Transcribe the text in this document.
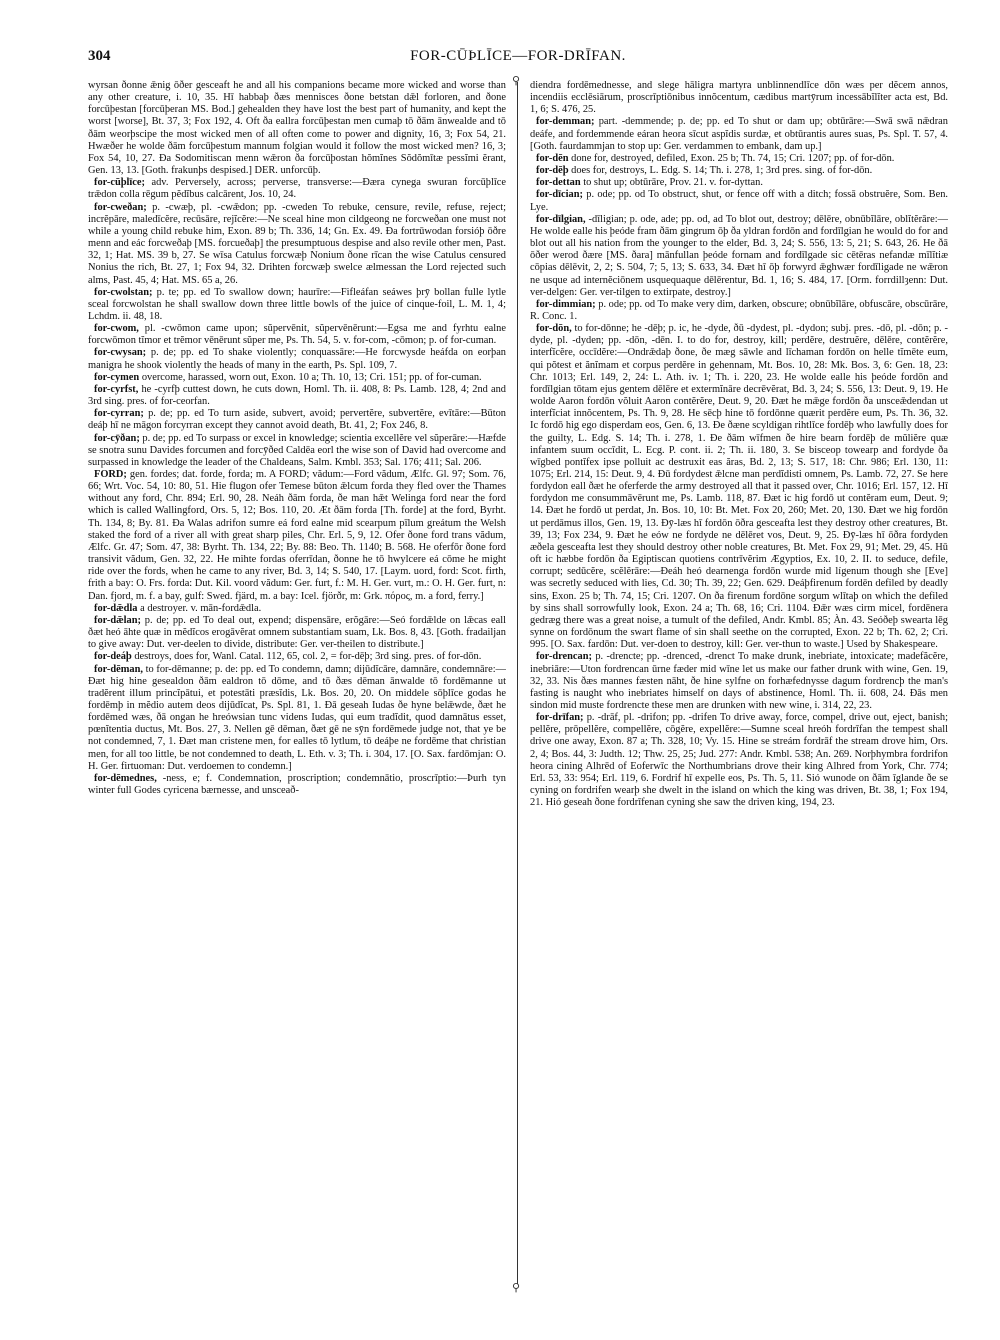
304	FOR-CŪÞLĪCE—FOR-DRĪFAN.
⚲
⚲

wyrsan ðonne ǣnig ōðer gesceaft he and all his companions became more wicked and worse than any other creature, i. 10, 35. Hī habbaþ ðæs mennisces ðone betstan dǣl forloren, and ðone forcūþestan [forcūþeran MS. Bod.] gehealden they have lost the best part of humanity, and kept the worst [worse], Bt. 37, 3; Fox 192, 4. Oft ða eallra forcūþestan men cumaþ tō ðām ānwealde and tō ðām weorþscipe the most wicked men of all often come to power and dignity, 16, 3; Fox 54, 21. Hwæðer he wolde ðām forcūþestum mannum folgian would it follow the most wicked men? 16, 3; Fox 54, 10, 27. Ða Sodomitiscan menn wǣron ða forcūþostan hŏmĭnes Sŏdŏmītæ pessĭmi ĕrant, Gen. 13, 13. [Goth. frakunþs despised.] DER. unforcūþ.

for-cūþlīce; adv. Perversely, across; perverse, transverse:—Ðæra cynega swuran forcūþlīce trǣdon colla rēgum pĕdĭbus calcārent, Jos. 10, 24.

for-cweðan; p. -cwæþ, pl. -cwǣdon; pp. -cweden To rebuke, censure, revile, refuse, reject; incrĕpāre, maledīcĕre, recūsāre, rejĭcĕre:—Ne sceal hine mon cildgeong ne forcweðan one must not while a young child rebuke him, Exon. 89 b; Th. 336, 14; Gn. Ex. 49. Ða fortrūwodan forsióþ ōðre menn and eác forcweðaþ [MS. forcueðaþ] the presumptuous despise and also revile other men, Past. 32, 1; Hat. MS. 39 b, 27. Se wīsa Catulus forcwæþ Nonium ðone rīcan the wise Catulus censured Nonius the rich, Bt. 27, 1; Fox 94, 32. Drihten forcwæþ swelce ælmessan the Lord rejected such alms, Past. 45, 4; Hat. MS. 65 a, 26.

for-cwolstan; p. te; pp. ed To swallow down; haurīre:—Fifleáfan seáwes þrȳ bollan fulle lytle sceal forcwolstan he shall swallow down three little bowls of the juice of cinque-foil, L. M. 1, 4; Lchdm. ii. 48, 18.

for-cwom, pl. -cwōmon came upon; sŭpervēnit, sŭpervēnērunt:—Egsa me and fyrhtu ealne forcwōmon tĭmor et trĕmor vēnērunt sŭper me, Ps. Th. 54, 5. v. for-com, -cōmon; p. of for-cuman.

for-cwysan; p. de; pp. ed To shake violently; conquassāre:—He forcwysde heáfda on eorþan manigra he shook violently the heads of many in the earth, Ps. Spl. 109, 7.

for-cymen overcome, harassed, worn out, Exon. 10 a; Th. 10, 13; Cri. 151; pp. of for-cuman.

for-cyrfst, he -cyrfþ cuttest down, he cuts down, Homl. Th. ii. 408, 8: Ps. Lamb. 128, 4; 2nd and 3rd sing. pres. of for-ceorfan.

for-cyrran; p. de; pp. ed To turn aside, subvert, avoid; pervertĕre, subvertĕre, evītāre:—Būton deáþ hī ne māgon forcyrran except they cannot avoid death, Bt. 41, 2; Fox 246, 8.

for-cȳðan; p. de; pp. ed To surpass or excel in knowledge; scientia excellĕre vel sŭperāre:—Hæfde se snotra sunu Davides forcumen and forcȳðed Caldēa eorl the wise son of David had overcome and surpassed in knowledge the leader of the Chaldeans, Salm. Kmbl. 353; Sal. 176; 411; Sal. 206.

FORD; gen. fordes; dat. forde, forda; m. A FORD; vădum:—Ford vădum, Ælfc. Gl. 97; Som. 76, 66; Wrt. Voc. 54, 10: 80, 51. Hie flugon ofer Temese būton ǣlcum forda they fled over the Thames without any ford, Chr. 894; Erl. 90, 28. Neáh ðām forda, ðe man hǣt Welinga ford near the ford which is called Wallingford, Ors. 5, 12; Bos. 110, 20. Æt ðām forda [Th. forde] at the ford, Byrht. Th. 134, 8; By. 81. Ða Walas adrifon sumre eá ford ealne mid scearpum pīlum greátum the Welsh staked the ford of a river all with great sharp piles, Chr. Erl. 5, 9, 12. Ofer ðone ford trans vădum, Ælfc. Gr. 47; Som. 47, 38: Byrht. Th. 134, 22; By. 88: Beo. Th. 1140; B. 568. He oferfōr ðone ford transivit vădum, Gen. 32, 22. He mihte fordas oferrīdan, ðonne he tō hwylcere eá cōme he might ride over the fords, when he came to any river, Bd. 3, 14; S. 540, 17. [Laym. uord, ford: Scot. firth, frith a bay: O. Frs. forda: Dut. Kil. voord vădum: Ger. furt, f.: M. H. Ger. vurt, m.: O. H. Ger. furt, n: Dan. fjord, m. f. a bay, gulf: Swed. fjärd, m. a bay: Icel. fjörðr, m: Grk. πόρος, m. a ford, ferry.]

for-dǣdla a destroyer. v. mān-fordǣdla.

for-dǣlan; p. de; pp. ed To deal out, expend; dispensāre, erŏgāre:—Seó fordǣlde on lǣcas eall ðæt heó āhte quæ in mĕdĭcos erogāvĕrat omnem substantiam suam, Lk. Bos. 8, 43. [Goth. fradailjan to give away: Dut. ver-deelen to divide, distribute: Ger. ver-theilen to distribute.]

for-deáþ destroys, does for, Wanl. Catal. 112, 65, col. 2, = for-dēþ; 3rd sing. pres. of for-dōn.

for-dēman, to for-dēmanne; p. de: pp. ed To condemn, damn; dijūdĭcāre, damnāre, condemnāre:—Ðæt hig hine gesealdon ðām ealdron tō dōme, and tō ðæs dēman ānwalde tō fordēmanne ut tradĕrent illum princĭpātui, et potestāti præsĭdis, Lk. Bos. 20, 20. On middele sōþlīce godas he fordēmþ in mĕdio autem deos dijūdĭcat, Ps. Spl. 81, 1. Ðā geseah Iudas ðe hyne belǣwde, ðæt he fordēmed wæs, ðā ongan he hreówsian tunc videns Iudas, qui eum tradĭdit, quod damnātus esset, pœnĭtentia ductus, Mt. Bos. 27, 3. Nellen gē dēman, ðæt gē ne sȳn fordēmede judge not, that ye be not condemned, 7, 1. Ðæt man cristene men, for ealles tō lytlum, tō deáþe ne fordēme that christian men, for all too little, be not condemned to death, L. Eth. v. 3; Th. i. 304, 17. [O. Sax. fardōmjan: O. H. Ger. firtuoman: Dut. verdoemen to condemn.]

for-dēmednes, -ness, e; f. Condemnation, proscription; condemnātio, proscrīptio:—Þurh tyn winter full Godes cyricena bærnesse, and unsceað-

diendra fordēmednesse, and slege hāligra martyra unblinnendlīce dōn wæs per dĕcem annos, incendiis ecclēsiārum, proscrīptiōnibus innŏcentum, cædibus martȳrum incessābĭlĭter acta est, Bd. 1, 6; S. 476, 25.

for-demman; part. -demmende; p. de; pp. ed To shut or dam up; obtūrāre:—Swā swā nǣdran deáfe, and fordemmende eáran heora sīcut aspĭdis surdæ, et obtūrantis aures suas, Ps. Spl. T. 57, 4. [Goth. faurdammjan to stop up: Ger. verdammen to embank, dam up.]

for-dēn done for, destroyed, defiled, Exon. 25 b; Th. 74, 15; Cri. 1207; pp. of for-dōn.

for-dēþ does for, destroys, L. Edg. S. 14; Th. i. 278, 1; 3rd pres. sing. of for-dōn.

for-dettan to shut up; obtūrāre, Prov. 21. v. for-dyttan.

for-dīcian; p. ode; pp. od To obstruct, shut, or fence off with a ditch; fossā obstruĕre, Som. Ben. Lye.

for-dīlgian, -dīligian; p. ode, ade; pp. od, ad To blot out, destroy; dēlēre, obnūbĭlāre, oblĭtĕrāre:—He wolde ealle his þeóde fram ðām gingrum ōþ ða yldran fordōn and fordīlgian he would do for and blot out all his nation from the younger to the elder, Bd. 3, 24; S. 556, 13: 5, 21; S. 643, 26. He ðā ōðer werod ðære [MS. ðara] mānfullan þeóde fornam and fordīlgade sic cētēras nefandæ mīlĭtiæ cōpias dēlēvit, 2, 2; S. 504, 7; 5, 13; S. 633, 34. Ðæt hī ōþ forwyrd ǣghwær fordīligade ne wǣron ne usque ad internĕciōnem usquequaque dēlērentur, Bd. 1, 16; S. 484, 17. [Orm. forrdillȝenn: Dut. ver-delgen: Ger. ver-tilgen to extirpate, destroy.]

for-dimmian; p. ode; pp. od To make very dim, darken, obscure; obnūbĭlāre, obfuscāre, obscūrāre, R. Conc. 1.

for-dōn, to for-dōnne; he -dēþ; p. ic, he -dyde, ðū -dydest, pl. -dydon; subj. pres. -dō, pl. -dōn; p. -dyde, pl. -dyden; pp. -dōn, -dēn. I. to do for, destroy, kill; perdĕre, destruĕre, dēlēre, contĕrĕre, interfĭcĕre, occīdĕre:—Ondrǣdaþ ðone, ðe mæg sāwle and līchaman fordōn on helle tĭmēte eum, qui pŏtest et ănĭmam et corpus perdĕre in gehennam, Mt. Bos. 10, 28: Mk. Bos. 3, 6: Gen. 18, 23: Chr. 1013; Erl. 149, 2, 24: L. Ath. iv. 1; Th. i. 220, 23. He wolde ealle his þeóde fordōn and fordīlgian tōtam ejus gentem dēlēre et extermĭnāre decrēvĕrat, Bd. 3, 24; S. 556, 13: Deut. 9, 19. He wolde Aaron fordōn vŏluit Aaron contĕrĕre, Deut. 9, 20. Ðæt he mǣge fordōn ða unsceǣdendan ut interfĭciat innŏcentem, Ps. Th. 9, 28. He sēcþ hine tō fordōnne quærit perdĕre eum, Ps. Th. 36, 32. Ic fordō hig ego disperdam eos, Gen. 6, 13. Ðe ðæne scyldigan rihtlīce fordēþ who lawfully does for the guilty, L. Edg. S. 14; Th. i. 278, 1. Ðe ðām wīfmen ðe hire bearn fordēþ de mŭliĕre quæ infantem suum occīdit, L. Ecg. P. cont. ii. 2; Th. ii. 180, 3. Se bisceop towearp and fordyde ða wīgbed pontĭfex ipse polluit ac destruxit eas ăras, Bd. 2, 13; S. 517, 18: Chr. 986; Erl. 130, 11: 1075; Erl. 214, 15: Deut. 9, 4. Ðū fordydest ǣlcne man perdĭdisti omnem, Ps. Lamb. 72, 27. Se here fordydon eall ðæt he oferferde the army destroyed all that it passed over, Chr. 1016; Erl. 157, 12. Hī fordydon me consummāvērunt me, Ps. Lamb. 118, 87. Ðæt ic hig fordō ut contĕram eum, Deut. 9; 14. Ðæt he fordō ut perdat, Jn. Bos. 10, 10: Bt. Met. Fox 20, 260; Met. 20, 130. Ðæt we hig fordōn ut perdāmus illos, Gen. 19, 13. Ðȳ-læs hī fordōn ōðra gesceafta lest they destroy other creatures, Bt. 39, 13; Fox 234, 9. Ðæt he eów ne fordyde ne dēlēret vos, Deut. 9, 25. Ðȳ-læs hī ōðra fordyden æðela gesceafta lest they should destroy other noble creatures, Bt. Met. Fox 29, 91; Met. 29, 45. Hū oft ic hæbbe fordōn ða Egiptiscan quotiens contrīvĕrim Ægyptios, Ex. 10, 2. II. to seduce, defile, corrupt; sedūcĕre, scĕlĕrāre:—Ðeáh heó dearnenga fordōn wurde mid lígenum though she [Eve] was secretly seduced with lies, Cd. 30; Th. 39, 22; Gen. 629. Deáþfirenum fordēn defiled by deadly sins, Exon. 25 b; Th. 74, 15; Cri. 1207. On ða firenum fordōne sorgum wlītaþ on which the defiled by sins shall sorrowfully look, Exon. 24 a; Th. 68, 16; Cri. 1104. Ðǣr wæs cirm micel, fordēnera gedræg there was a great noise, a tumult of the defiled, Andr. Kmbl. 85; Àn. 43. Seóðeþ swearta lēg synne on fordōnum the swart flame of sin shall seethe on the corrupted, Exon. 22 b; Th. 62, 2; Cri. 995. [O. Sax. fardōn: Dut. ver-doen to destroy, kill: Ger. ver-thun to waste.] Used by Shakespeare.

for-drencan; p. -drencte; pp. -drenced, -drenct To make drunk, inebriate, intoxicate; madefăcĕre, inebriāre:—Uton fordrencan ūrne fæder mid wīne let us make our father drunk with wine, Gen. 19, 32, 33. Nis ðæs mannes fæsten nāht, ðe hine sylfne on forhæfednysse dagum fordrencþ the man's fasting is naught who inebriates himself on days of abstinence, Homl. Th. ii. 608, 24. Ðās men sindon mid muste fordrencte these men are drunken with new wine, i. 314, 22, 23.

for-drīfan; p. -drāf, pl. -drifon; pp. -drifen To drive away, force, compel, drive out, eject, banish; pellĕre, prōpellĕre, compellĕre, cōgĕre, expellĕre:—Sumne sceal hreóh fordrīfan the tempest shall drive one away, Exon. 87 a; Th. 328, 10; Vy. 15. Hine se streám fordrāf the stream drove him, Ors. 2, 4; Bos. 44, 3: Judth. 12; Thw. 25, 25; Jud. 277: Andr. Kmbl. 538; An. 269. Norþhymbra fordrifon heora cining Alhrēd of Eoferwīc the Northumbrians drove their king Alhred from York, Chr. 774; Erl. 53, 33: 954; Erl. 119, 6. Fordrif hī expelle eos, Ps. Th. 5, 11. Sió wunode on ðām īglande ðe se cyning on fordrifen wearþ she dwelt in the island on which the king was driven, Bt. 38, 1; Fox 194, 21. Hió geseah ðone fordrīfenan cyning she saw the driven king, 194, 23.
